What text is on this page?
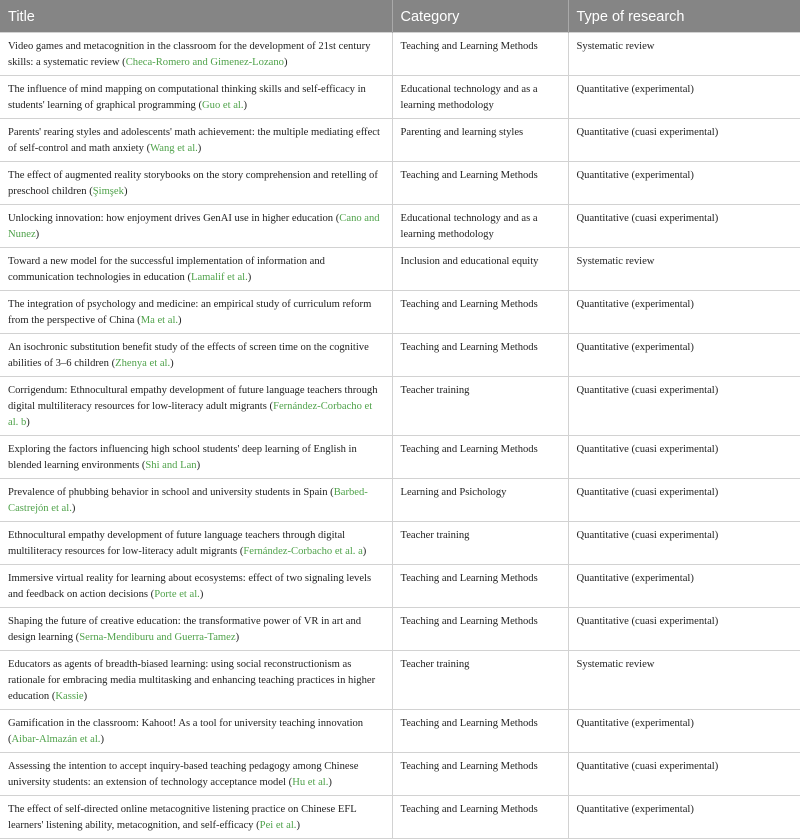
Title	Category	Type of research
Video games and metacognition in the classroom for the development of 21st century skills: a systematic review (Checa-Romero and Gimenez-Lozano)	Teaching and Learning Methods	Systematic review
The influence of mind mapping on computational thinking skills and self-efficacy in students' learning of graphical programming (Guo et al.)	Educational technology and as a learning methodology	Quantitative (experimental)
Parents' rearing styles and adolescents' math achievement: the multiple mediating effect of self-control and math anxiety (Wang et al.)	Parenting and learning styles	Quantitative (cuasi experimental)
The effect of augmented reality storybooks on the story comprehension and retelling of preschool children (Şimşek)	Teaching and Learning Methods	Quantitative (experimental)
Unlocking innovation: how enjoyment drives GenAI use in higher education (Cano and Nunez)	Educational technology and as a learning methodology	Quantitative (cuasi experimental)
Toward a new model for the successful implementation of information and communication technologies in education (Lamalif et al.)	Inclusion and educational equity	Systematic review
The integration of psychology and medicine: an empirical study of curriculum reform from the perspective of China (Ma et al.)	Teaching and Learning Methods	Quantitative (experimental)
An isochronic substitution benefit study of the effects of screen time on the cognitive abilities of 3–6 children (Zhenya et al.)	Teaching and Learning Methods	Quantitative (experimental)
Corrigendum: Ethnocultural empathy development of future language teachers through digital multiliteracy resources for low-literacy adult migrants (Fernández-Corbacho et al. b)	Teacher training	Quantitative (cuasi experimental)
Exploring the factors influencing high school students' deep learning of English in blended learning environments (Shi and Lan)	Teaching and Learning Methods	Quantitative (cuasi experimental)
Prevalence of phubbing behavior in school and university students in Spain (Barbed-Castrejón et al.)	Learning and Psichology	Quantitative (cuasi experimental)
Ethnocultural empathy development of future language teachers through digital multiliteracy resources for low-literacy adult migrants (Fernández-Corbacho et al. a)	Teacher training	Quantitative (cuasi experimental)
Immersive virtual reality for learning about ecosystems: effect of two signaling levels and feedback on action decisions (Porte et al.)	Teaching and Learning Methods	Quantitative (experimental)
Shaping the future of creative education: the transformative power of VR in art and design learning (Serna-Mendiburu and Guerra-Tamez)	Teaching and Learning Methods	Quantitative (cuasi experimental)
Educators as agents of breadth-biased learning: using social reconstructionism as rationale for embracing media multitasking and enhancing teaching practices in higher education (Kassie)	Teacher training	Systematic review
Gamification in the classroom: Kahoot! As a tool for university teaching innovation (Aibar-Almazán et al.)	Teaching and Learning Methods	Quantitative (experimental)
Assessing the intention to accept inquiry-based teaching pedagogy among Chinese university students: an extension of technology acceptance model (Hu et al.)	Teaching and Learning Methods	Quantitative (cuasi experimental)
The effect of self-directed online metacognitive listening practice on Chinese EFL learners' listening ability, metacognition, and self-efficacy (Pei et al.)	Teaching and Learning Methods	Quantitative (experimental)
